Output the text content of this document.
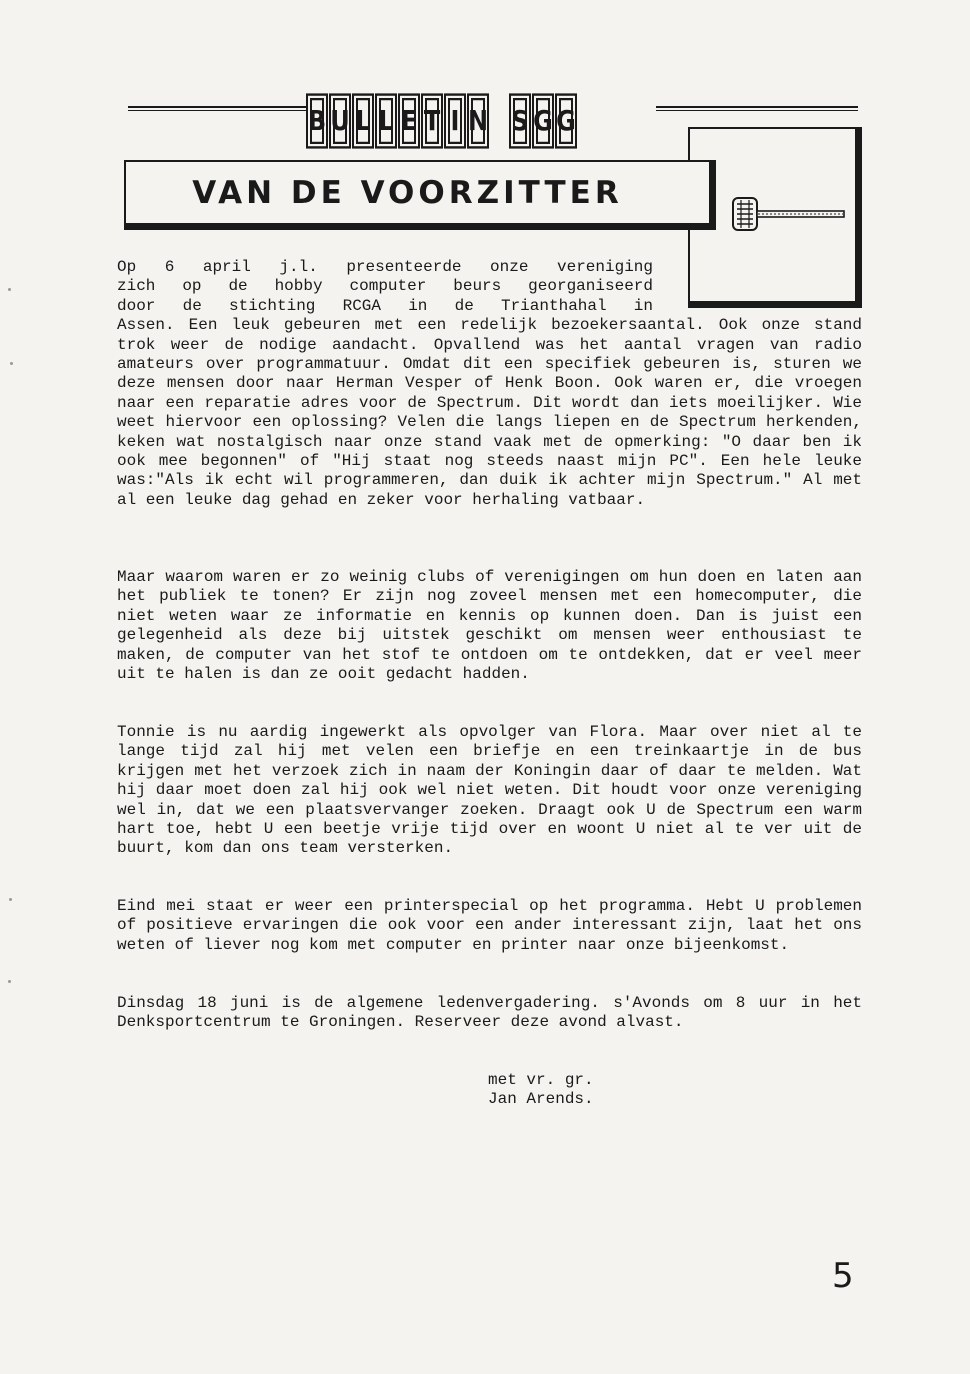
B U L L E T I N S G G
VAN DE VOORZITTER

Op 6 april j.l. presenteerde onze vereniging

zich op de hobby computer beurs georganiseerd

door de stichting RCGA in de Trianthahal in

Assen. Een leuk gebeuren met een redelijk bezoekersaantal. Ook onze stand trok weer de nodige aandacht. Opvallend was het aantal vragen van radio amateurs over programmatuur. Omdat dit een specifiek gebeuren is, sturen we deze mensen door naar Herman Vesper of Henk Boon. Ook waren er, die vroegen naar een reparatie adres voor de Spectrum. Dit wordt dan iets moeilijker. Wie weet hiervoor een oplossing? Velen die langs liepen en de Spectrum herkenden, keken wat nostalgisch naar onze stand vaak met de opmerking: "O daar ben ik ook mee begonnen" of "Hij staat nog steeds naast mijn PC". Een hele leuke was:"Als ik echt wil programmeren, dan duik ik achter mijn Spectrum." Al met al een leuke dag gehad en zeker voor herhaling vatbaar.

Maar waarom waren er zo weinig clubs of verenigingen om hun doen en laten aan het publiek te tonen? Er zijn nog zoveel mensen met een homecomputer, die niet weten waar ze informatie en kennis op kunnen doen. Dan is juist een gelegenheid als deze bij uitstek geschikt om mensen weer enthousiast te maken, de computer van het stof te ontdoen om te ontdekken, dat er veel meer uit te halen is dan ze ooit gedacht hadden.

Tonnie is nu aardig ingewerkt als opvolger van Flora. Maar over niet al te lange tijd zal hij met velen een briefje en een treinkaartje in de bus krijgen met het verzoek zich in naam der Koningin daar of daar te melden. Wat hij daar moet doen zal hij ook wel niet weten. Dit houdt voor onze vereniging wel in, dat we een plaatsvervanger zoeken. Draagt ook U de Spectrum een warm hart toe, hebt U een beetje vrije tijd over en woont U niet al te ver uit de buurt, kom dan ons team versterken.

Eind mei staat er weer een printerspecial op het programma. Hebt U problemen of positieve ervaringen die ook voor een ander interessant zijn, laat het ons weten of liever nog kom met computer en printer naar onze bijeenkomst.

Dinsdag 18 juni is de algemene ledenvergadering. s'Avonds om 8 uur in het Denksportcentrum te Groningen. Reserveer deze avond alvast.

met vr. gr.
Jan Arends.
5
